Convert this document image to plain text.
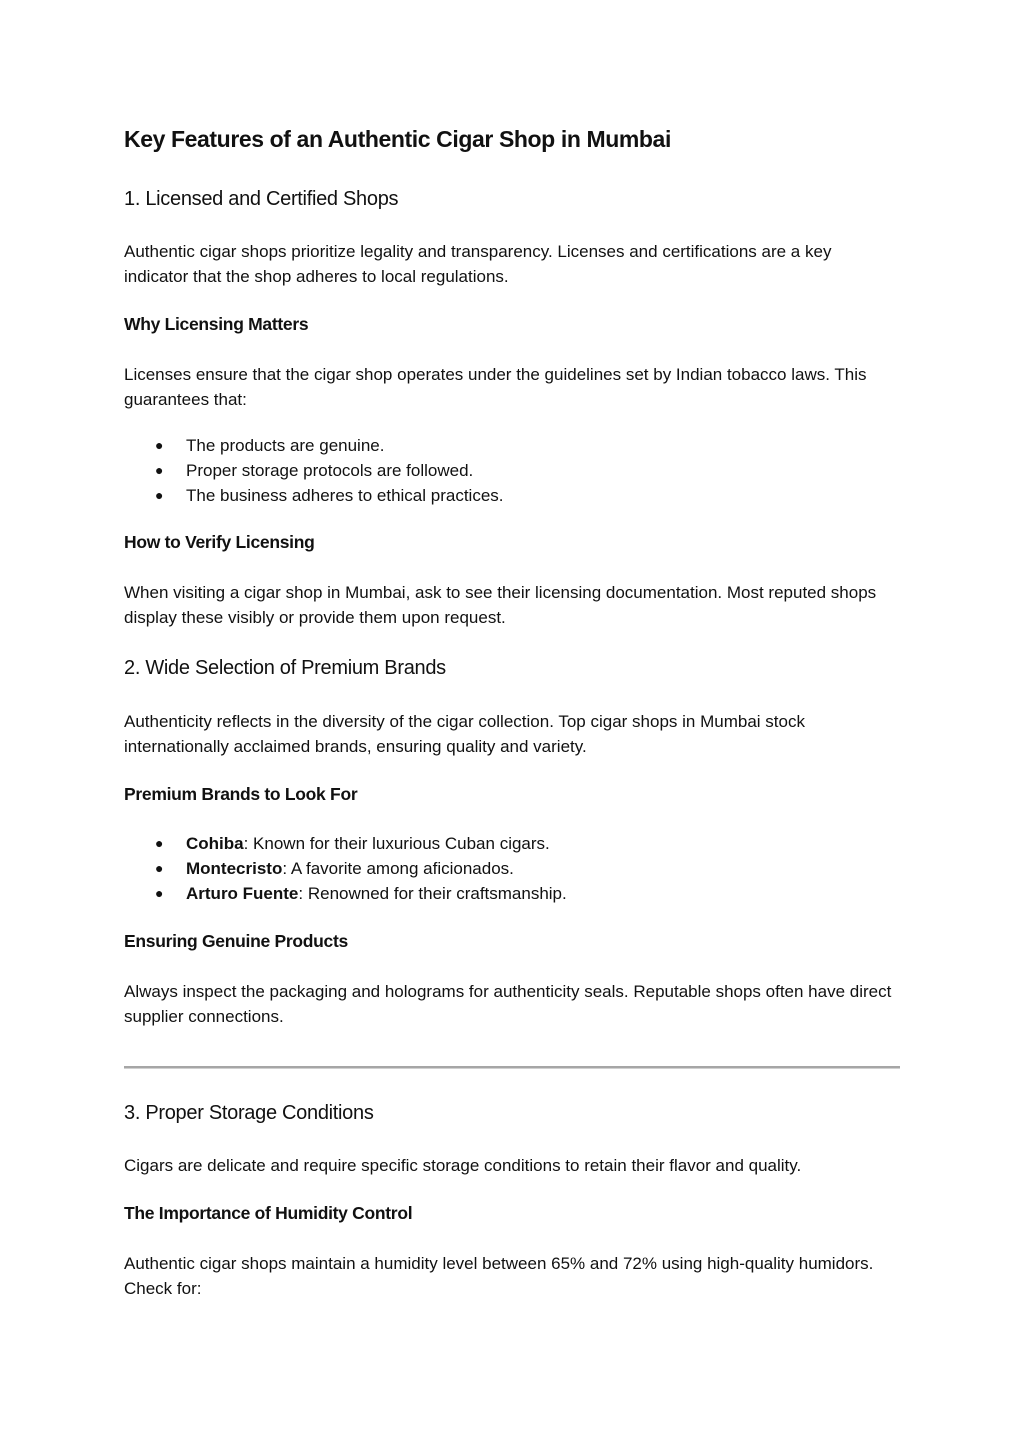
Key Features of an Authentic Cigar Shop in Mumbai
1. Licensed and Certified Shops

Authentic cigar shops prioritize legality and transparency. Licenses and certifications are a key indicator that the shop adheres to local regulations.

Why Licensing Matters

Licenses ensure that the cigar shop operates under the guidelines set by Indian tobacco laws. This guarantees that:

● The products are genuine.
● Proper storage protocols are followed.
● The business adheres to ethical practices.
How to Verify Licensing

When visiting a cigar shop in Mumbai, ask to see their licensing documentation. Most reputed shops display these visibly or provide them upon request.

2. Wide Selection of Premium Brands

Authenticity reflects in the diversity of the cigar collection. Top cigar shops in Mumbai stock internationally acclaimed brands, ensuring quality and variety.

Premium Brands to Look For
● Cohiba: Known for their luxurious Cuban cigars.
● Montecristo: A favorite among aficionados.
● Arturo Fuente: Renowned for their craftsmanship.
Ensuring Genuine Products

Always inspect the packaging and holograms for authenticity seals. Reputable shops often have direct supplier connections.

3. Proper Storage Conditions

Cigars are delicate and require specific storage conditions to retain their flavor and quality.

The Importance of Humidity Control

Authentic cigar shops maintain a humidity level between 65% and 72% using high-quality humidors. Check for:
